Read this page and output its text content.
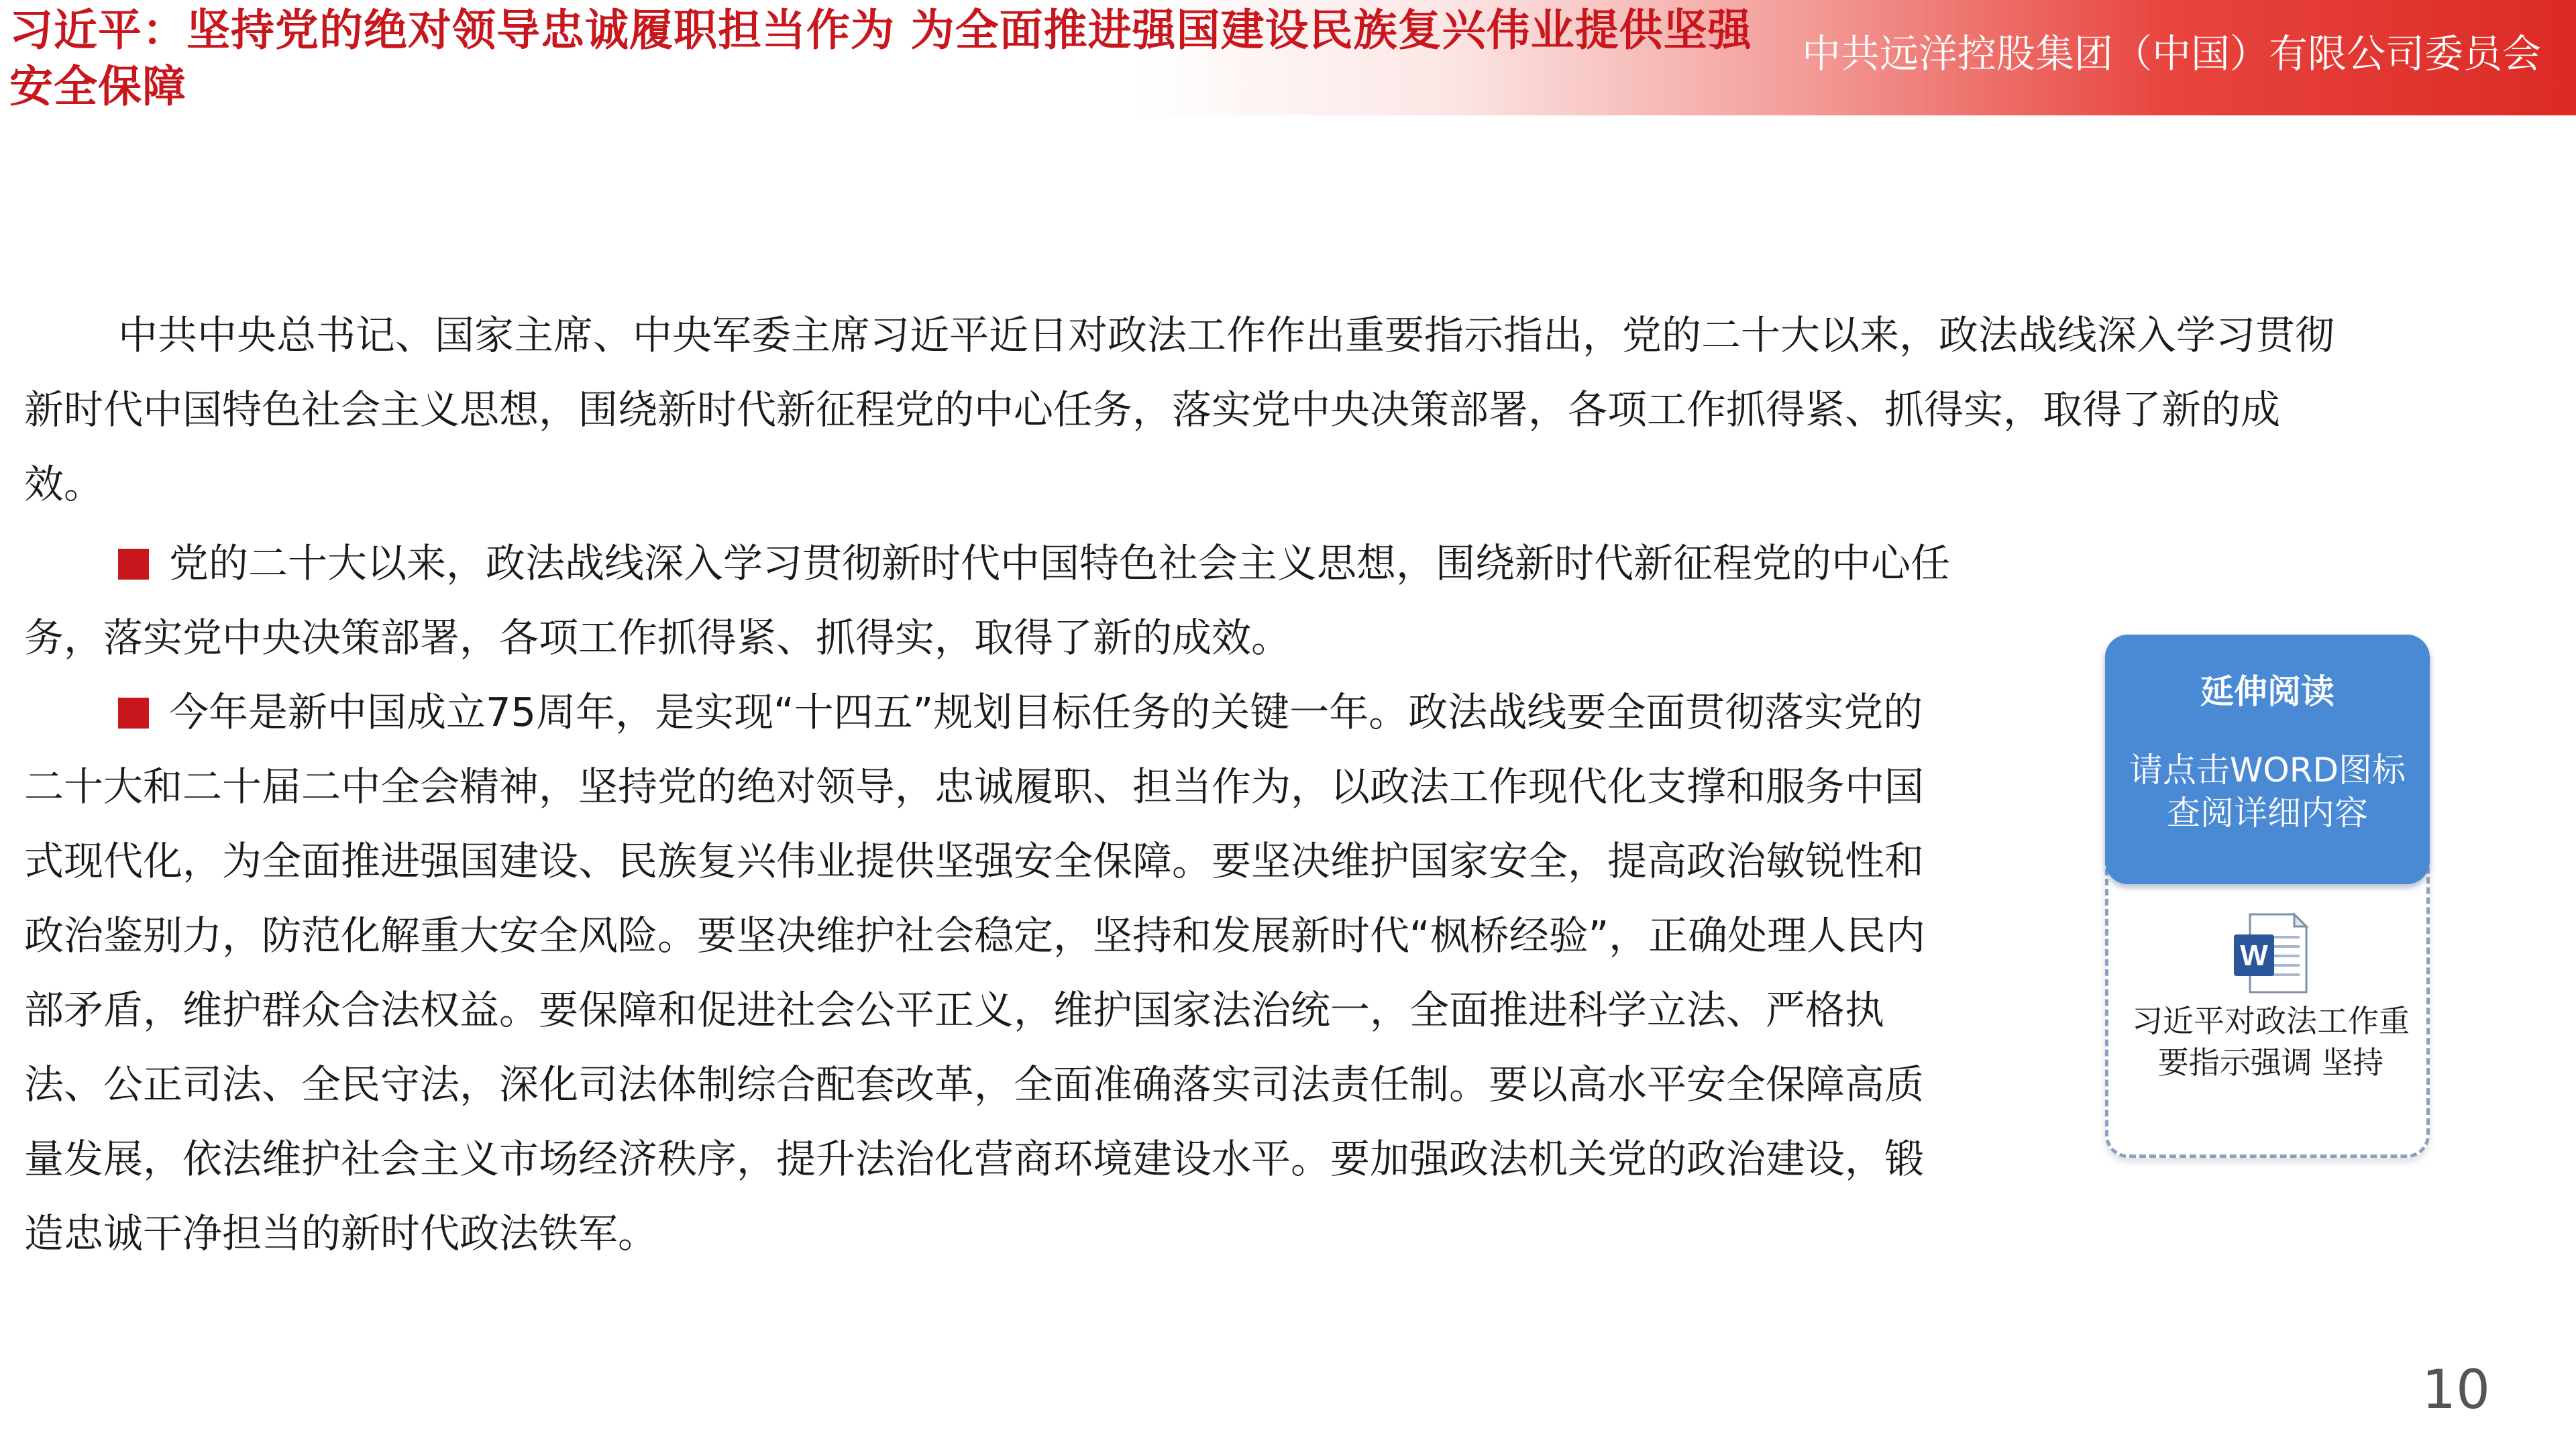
习近平：坚持党的绝对领导忠诚履职担当作为 为全面推进强国建设民族复兴伟业提供坚强安全保障
中共远洋控股集团（中国）有限公司委员会

中共中央总书记、国家主席、中央军委主席习近平近日对政法工作作出重要指示指出，党的二十大以来，政法战线深入学习贯彻新时代中国特色社会主义思想，围绕新时代新征程党的中心任务，落实党中央决策部署，各项工作抓得紧、抓得实，取得了新的成效。

党的二十大以来，政法战线深入学习贯彻新时代中国特色社会主义思想，围绕新时代新征程党的中心任务，落实党中央决策部署，各项工作抓得紧、抓得实，取得了新的成效。
今年是新中国成立75周年，是实现“十四五”规划目标任务的关键一年。政法战线要全面贯彻落实党的二十大和二十届二中全会精神，坚持党的绝对领导，忠诚履职、担当作为，以政法工作现代化支撑和服务中国式现代化，为全面推进强国建设、民族复兴伟业提供坚强安全保障。要坚决维护国家安全，提高政治敏锐性和政治鉴别力，防范化解重大安全风险。要坚决维护社会稳定，坚持和发展新时代“枫桥经验”，正确处理人民内部矛盾，维护群众合法权益。要保障和促进社会公平正义，维护国家法治统一，全面推进科学立法、严格执法、公正司法、全民守法，深化司法体制综合配套改革，全面准确落实司法责任制。要以高水平安全保障高质量发展，依法维护社会主义市场经济秩序，提升法治化营商环境建设水平。要加强政法机关党的政治建设，锻造忠诚干净担当的新时代政法铁军。
延伸阅读
请点击WORD图标查阅详细内容
W
习近平对政法工作重要指示强调 坚持
10
